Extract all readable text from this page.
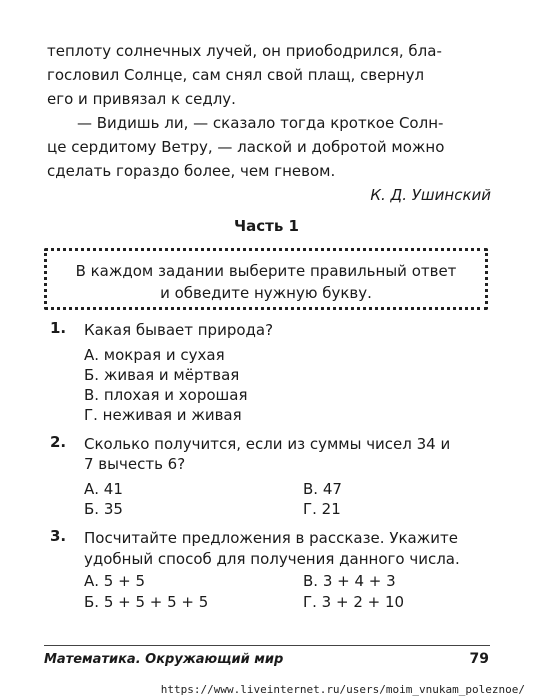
теплоту солнечных лучей, он приободрился, бла-
гословил Солнце, сам снял свой плащ, свернул
его и привязал к седлу.
— Видишь ли, — сказало тогда кроткое Солн-
це сердитому Ветру, — лаской и добротой можно
сделать гораздо более, чем гневом.
К. Д. Ушинский
Часть 1
В каждом задании выберите правильный ответ
и обведите нужную букву.
1. Какая бывает природа?
А. мокрая и сухая
Б. живая и мёртвая
В. плохая и хорошая
Г. неживая и живая
2. Сколько получится, если из суммы чисел 34 и
7 вычесть 6?
А. 41	В. 47
Б. 35	Г. 21
3. Посчитайте предложения в рассказе. Укажите
удобный способ для получения данного числа.
А. 5 + 5	В. 3 + 4 + 3
Б. 5 + 5 + 5 + 5	Г. 3 + 2 + 10
Математика. Окружающий мир	79
https://www.liveinternet.ru/users/moim_vnukam_poleznoe/
